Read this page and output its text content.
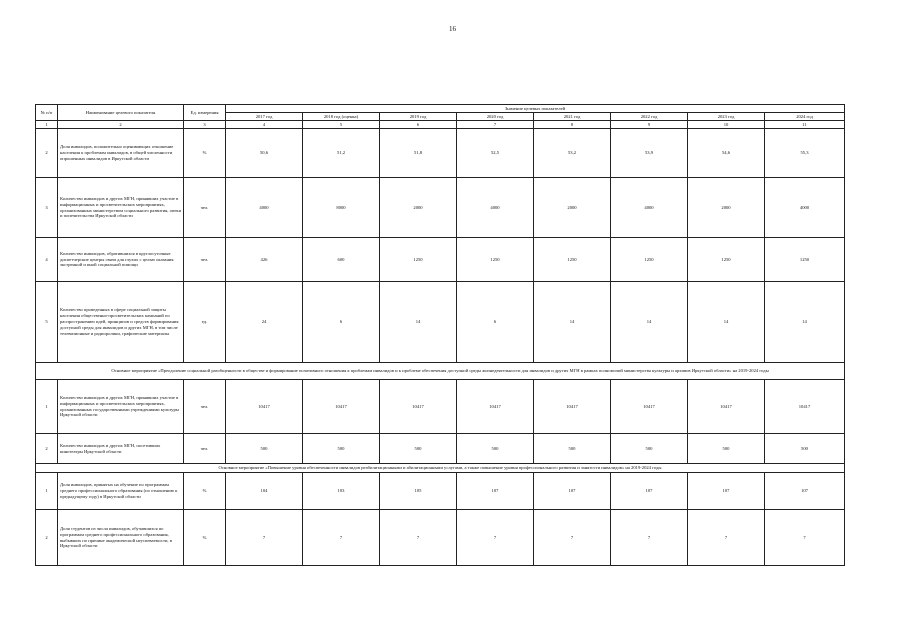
16
№ п/п	Наименование целевого показателя	Ед. измерения	Значение целевых показателей							
			2017 год	2018 год (оценка)	2019 год	2020 год	2021 год	2022 год	2023 год	2024 год
1	2	3	4	5	6	7	8	9	10	11
2	Доля инвалидов, положительно оценивающих отношение населения к проблемам инвалидов, в общей численности опрошенных инвалидов в Иркутской области	%	50,6	51,2	51,8	52,5	53,2	53,9	54,6	55,3
3	Количество инвалидов и других МГН, принявших участие в информационных и просветительских мероприятиях, организованных министерством социального развития, опеки и попечительства Иркутской области	чел.	4000	8000	2000	4000	2000	4000	2000	4000
4	Количество инвалидов, обратившихся в круглосуточные диспетчерские центры связи для глухих с целью оказания экстренной и иной социальной помощи	чел.	426	600	1250	1250	1250	1250	1250	1250
5	Количество проведенных в сфере социальной защиты населения общественно-просветительских кампаний по распространению идей, принципов и средств формирования доступной среды для инвалидов и других МГН, в том числе телевизионные и радиоролики, графические материалы	ед.	24	6	14	6	14	14	14	14
Основное мероприятие «Преодоление социальной разобщенности в обществе и формирование позитивного отношения к проблемам инвалидов и к проблеме обеспечения доступной среды жизнедеятельности для инвалидов и других МГН в рамках полномочий министерства культуры и архивов Иркутской области» на 2019-2024 годы										
1	Количество инвалидов и других МГН, принявших участие в информационных и просветительских мероприятиях, организованных государственными учреждениями культуры Иркутской области	чел.	10417	10417	10417	10417	10417	10417	10417	10417
2	Количество инвалидов и других МГН, посетивших кинотеатры Иркутской области	чел.	500	500	500	500	500	500	500	500
Основное мероприятие «Повышение уровня обеспеченности инвалидов реабилитационными и абилитационными услугами, а также повышение уровня профессионального развития и занятости инвалидов» на 2019-2024 годы										
1	Доля инвалидов, принятых на обучение по программам среднего профессионального образования (по отношению к предыдущему году) в Иркутской области	%	104	103	105	107	107	107	107	107
2	Доля студентов из числа инвалидов, обучавшихся по программам среднего профессионального образования, выбывших по причине академической неуспеваемости, в Иркутской области	%	7	7	7	7	7	7	7	7
